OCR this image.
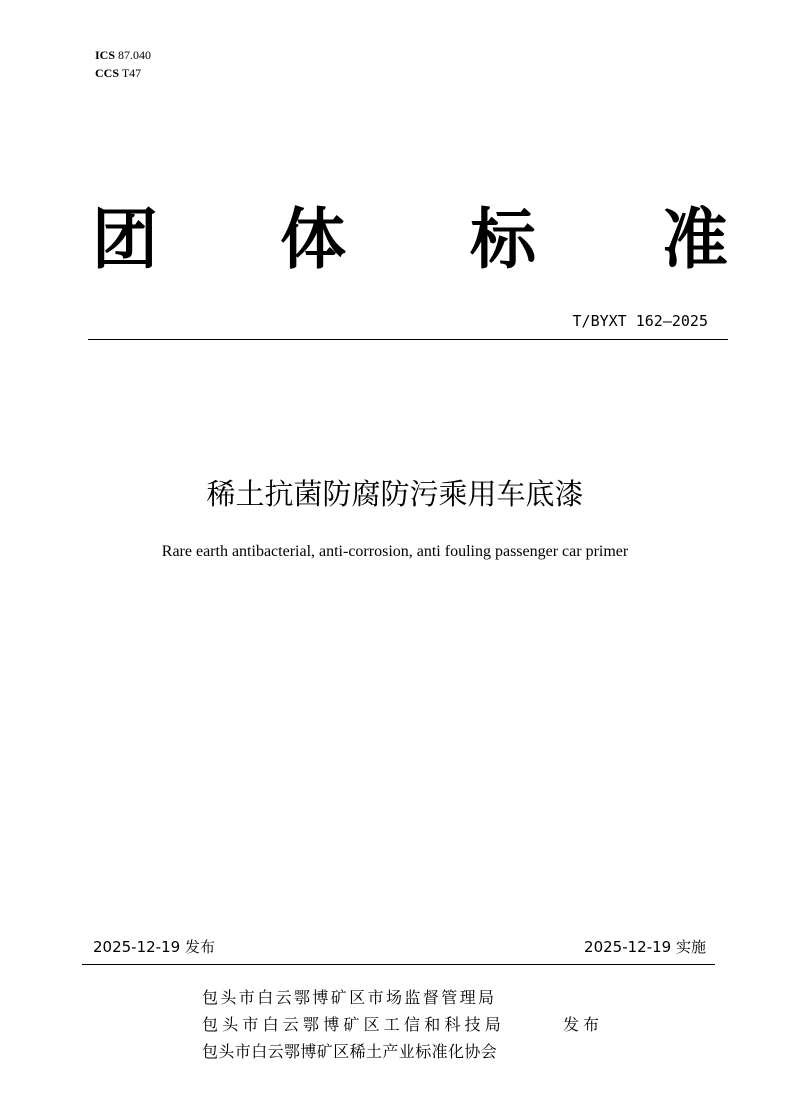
ICS 87.040
CCS T47
团 体 标 准
T/BYXT 162—2025
稀土抗菌防腐防污乘用车底漆
Rare earth antibacterial, anti-corrosion, anti fouling passenger car primer
2025-12-19 发布	2025-12-19 实施
包头市白云鄂博矿区市场监督管理局
包头市白云鄂博矿区工信和科技局
包头市白云鄂博矿区稀土产业标准化协会
发布
